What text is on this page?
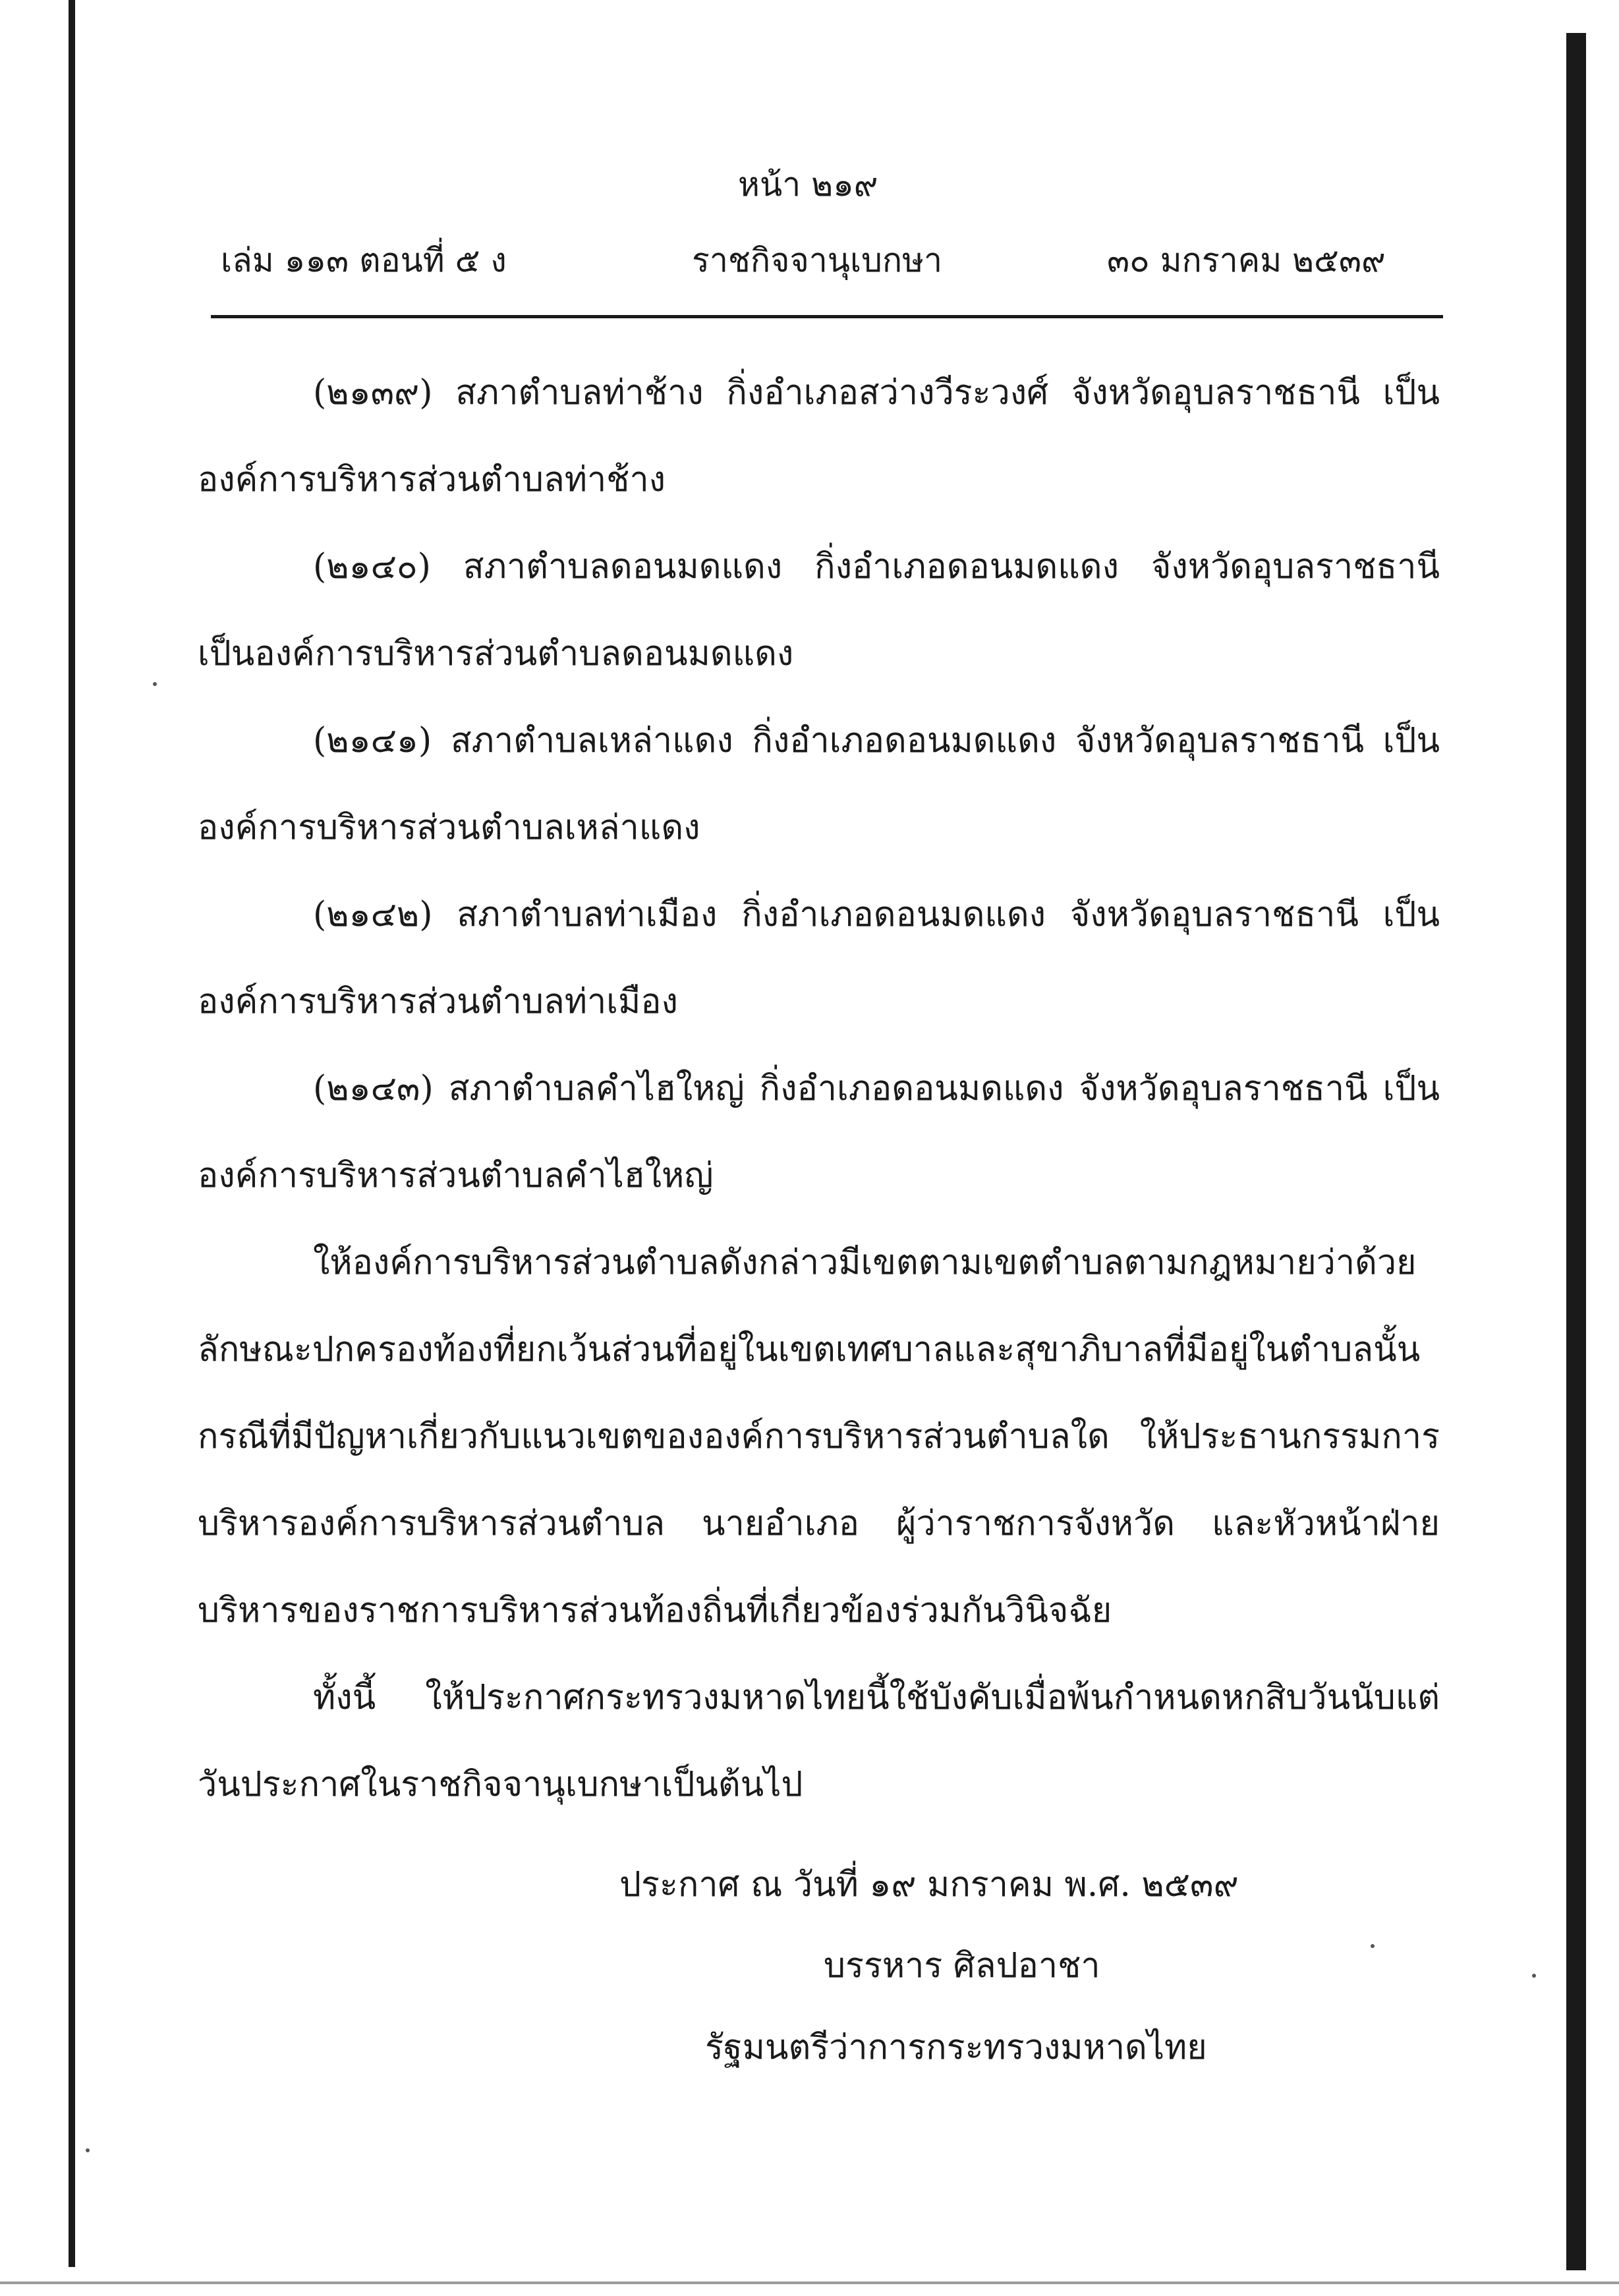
หน้า ๒๑๙
เล่ม ๑๑๓ ตอนที่ ๕ ง	ราชกิจจานุเบกษา	๓๐ มกราคม ๒๕๓๙

(๒๑๓๙) สภาตำบลท่าช้าง กิ่งอำเภอสว่างวีระวงศ์ จังหวัดอุบลราชธานี เป็นองค์การบริหารส่วนตำบลท่าช้าง

(๒๑๔๐) สภาตำบลดอนมดแดง กิ่งอำเภอดอนมดแดง จังหวัดอุบลราชธานี เป็นองค์การบริหารส่วนตำบลดอนมดแดง

(๒๑๔๑) สภาตำบลเหล่าแดง กิ่งอำเภอดอนมดแดง จังหวัดอุบลราชธานี เป็นองค์การบริหารส่วนตำบลเหล่าแดง

(๒๑๔๒) สภาตำบลท่าเมือง กิ่งอำเภอดอนมดแดง จังหวัดอุบลราชธานี เป็นองค์การบริหารส่วนตำบลท่าเมือง

(๒๑๔๓) สภาตำบลคำไฮใหญ่ กิ่งอำเภอดอนมดแดง จังหวัดอุบลราชธานี เป็นองค์การบริหารส่วนตำบลคำไฮใหญ่

ให้องค์การบริหารส่วนตำบลดังกล่าวมีเขตตามเขตตำบลตามกฎหมายว่าด้วยลักษณะปกครองท้องที่ยกเว้นส่วนที่อยู่ในเขตเทศบาลและสุขาภิบาลที่มีอยู่ในตำบลนั้น กรณีที่มีปัญหาเกี่ยวกับแนวเขตขององค์การบริหารส่วนตำบลใด ให้ประธานกรรมการบริหารองค์การบริหารส่วนตำบล นายอำเภอ ผู้ว่าราชการจังหวัด และหัวหน้าฝ่ายบริหารของราชการบริหารส่วนท้องถิ่นที่เกี่ยวข้องร่วมกันวินิจฉัย

ทั้งนี้ ให้ประกาศกระทรวงมหาดไทยนี้ใช้บังคับเมื่อพ้นกำหนดหกสิบวันนับแต่วันประกาศในราชกิจจานุเบกษาเป็นต้นไป

ประกาศ ณ วันที่ ๑๙ มกราคม พ.ศ. ๒๕๓๙
บรรหาร ศิลปอาชา
รัฐมนตรีว่าการกระทรวงมหาดไทย
